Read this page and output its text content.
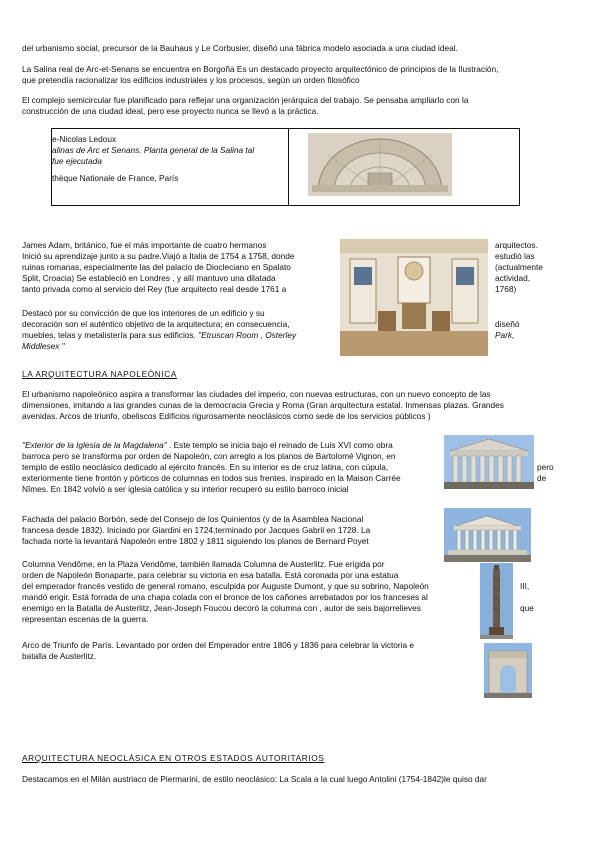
del urbanismo social, precursor de la Bauhaus y Le Corbusier, diseñó una fábrica modelo asociada a una ciudad ideal.

La Salina real de Arc-et-Senans se encuentra en Borgoña Es un destacado proyecto arquitectónico de principios de la Ilustración,
que pretendía racionalizar los edificios industriales y los procesos, según un orden filosófico
El complejo semicircular fue planificado para reflejar una organización jerárquica del trabajo. Se pensaba ampliarlo con la
construcción de una ciudad ideal, pero ese proyecto nunca se llevó a la práctica.
e-Nicolas Ledoux
alinas de Arc et Senans. Planta general de la Salina tal
fue ejecutada
thèque Nationale de France, París
James Adam, británico, fue el más importante de cuatro hermanos
Inició su aprendizaje junto a su padre.Viajó a Italia de 1754 a 1758, donde
ruinas romanas, especialmente las del palacio de Diocleciano en Spalato
Split, Croacia) Se estableció en Londres , y allí mantuvo una dilatada
tanto privada como al servicio del Rey (fue arquitecto real desde 1761 a
arquitectos.
estudió las
(actualmente
actividad,
1768)
Destacó por su convicción de que los interiores de un edificio y su
decoración son el auténtico objetivo de la arquitectura; en consecuencia,
muebles, telas y metalistería para sus edificios. "Etruscan Room , Osterley
Middlesex "
diseñó
Park,

LA ARQUITECTURA NAPOLEÓNICA

El urbanismo napoleónico aspira a transformar las ciudades del imperio, con nuevas estructuras, con un nuevo concepto de las
dimensiones, imitando a las grandes cunas de la democracia Grecia y Roma (Gran arquitectura estatal. Inmensas plazas. Grandes
avenidas. Arcos de triunfo, obeliscos Edificios rigurosamente neoclásicos como sede de los servicios públicos )
"Exterior de la Iglesia de la Magdalena" . Este templo se inicia bajo el reinado de Luis XVI como obra
barroca pero se transforma por orden de Napoleón, con arreglo a los planos de Bartolomé Vignon, en
templo de estilo neoclásico dedicado al ejército francés. En su interior es de cruz latina, con cúpula,
exteriormente tiene frontón y pórticos de columnas en todos sus frentes. inspirado en la Maison Carrée
Nîmes. En 1842 volvió a ser iglesia católica y su interior recuperó su estilo barroco inicial
pero
de
Fachada del palacio Borbón, sede del Consejo de los Quinientos (y de la Asamblea Nacional
francesa desde 1832). Iniciado por Giardini en 1724,terminado por Jacques Gabril en 1728. La
fachada norte la levantará Napoleón entre 1802 y 1811 siguiendo los planos de Bernard Poyet
Columna Vendôme, en la Plaza Vendôme, también llamada Columna de Austerlitz. Fue erigida por
orden de Napoleón Bonaparte, para celebrar su victoria en esa batalla. Está coronada por una estatua
del emperador francés vestido de general romano, esculpida por Auguste Dumont, y que su sobrino, Napoleón
mandó erigir. Está forrada de una chapa colada con el bronce de los cañones arrebatados por los franceses al
enemigo en la Batalla de Austerlitz, Jean-Joseph Foucou decoró la columna con , autor de seis bajorrelieves
representan escenas de la guerra.
III,
que
Arco de Triunfo de París. Levantado por orden del Emperador entre 1806 y 1836 para celebrar la victoria e
batalla de Austerlitz.

ARQUITECTURA NEOCLÁSICA EN OTROS ESTADOS AUTORITARIOS

Destacamos en el Milán austriaco de Piermarini, de estilo neoclásico: La Scala a la cual luego Antolini (1754-1842)le quiso dar
